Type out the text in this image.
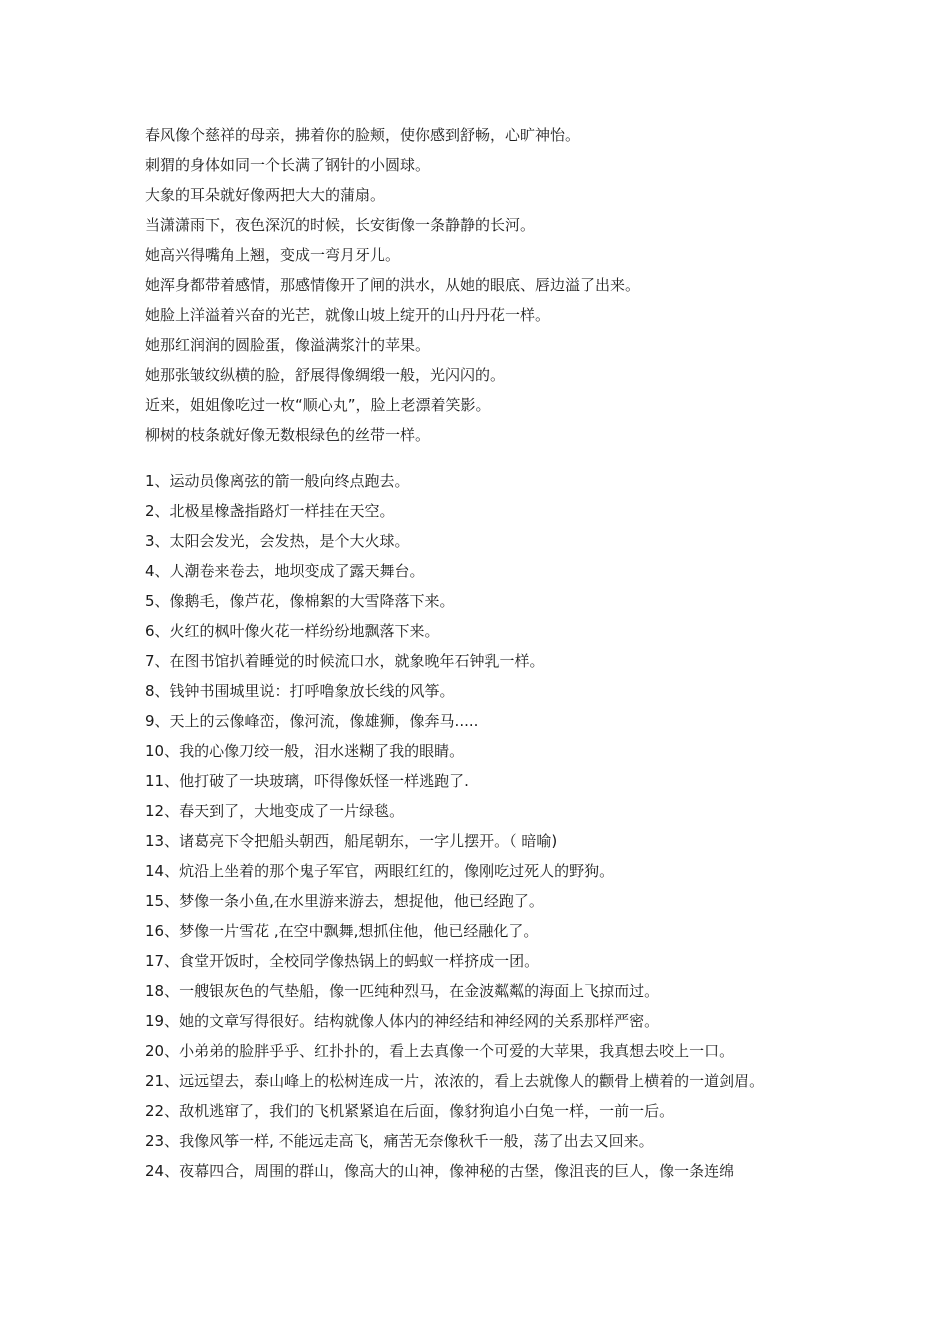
春风像个慈祥的母亲，拂着你的脸颊，使你感到舒畅，心旷神怡。

刺猬的身体如同一个长满了钢针的小圆球。

大象的耳朵就好像两把大大的蒲扇。

当潇潇雨下，夜色深沉的时候，长安街像一条静静的长河。

她高兴得嘴角上翘，变成一弯月牙儿。

她浑身都带着感情，那感情像开了闸的洪水，从她的眼底、唇边溢了出来。

她脸上洋溢着兴奋的光芒，就像山坡上绽开的山丹丹花一样。

她那红润润的圆脸蛋，像溢满浆汁的苹果。

她那张皱纹纵横的脸，舒展得像绸缎一般，光闪闪的。

近来，姐姐像吃过一枚“顺心丸”，脸上老漂着笑影。

柳树的枝条就好像无数根绿色的丝带一样。

1、运动员像离弦的箭一般向终点跑去。

2、北极星橡盏指路灯一样挂在天空。

3、太阳会发光，会发热，是个大火球。

4、人潮卷来卷去，地坝变成了露天舞台。

5、像鹅毛，像芦花，像棉絮的大雪降落下来。

6、火红的枫叶像火花一样纷纷地飘落下来。

7、在图书馆扒着睡觉的时候流口水，就象晚年石钟乳一样。

8、钱钟书围城里说：打呼噜象放长线的风筝。

9、天上的云像峰峦，像河流，像雄狮，像奔马.....

10、我的心像刀绞一般，泪水迷糊了我的眼睛。

11、他打破了一块玻璃，吓得像妖怪一样逃跑了.

12、春天到了，大地变成了一片绿毯。

13、诸葛亮下令把船头朝西，船尾朝东，一字儿摆开。（ 暗喻)

14、炕沿上坐着的那个鬼子军官，两眼红红的，像刚吃过死人的野狗。

15、梦像一条小鱼,在水里游来游去，想捉他，他已经跑了。

16、梦像一片雪花 ,在空中飘舞,想抓住他，他已经融化了。

17、食堂开饭时，全校同学像热锅上的蚂蚁一样挤成一团。

18、一艘银灰色的气垫船，像一匹纯种烈马，在金波粼粼的海面上飞掠而过。

19、她的文章写得很好。结构就像人体内的神经结和神经网的关系那样严密。

20、小弟弟的脸胖乎乎、红扑扑的，看上去真像一个可爱的大苹果，我真想去咬上一口。

21、远远望去，泰山峰上的松树连成一片，浓浓的，看上去就像人的颧骨上横着的一道剑眉。

22、敌机逃窜了，我们的飞机紧紧追在后面，像豺狗追小白兔一样，一前一后。

23、我像风筝一样, 不能远走高飞，痛苦无奈像秋千一般，荡了出去又回来。

24、夜幕四合，周围的群山，像高大的山神，像神秘的古堡，像沮丧的巨人，像一条连绵
